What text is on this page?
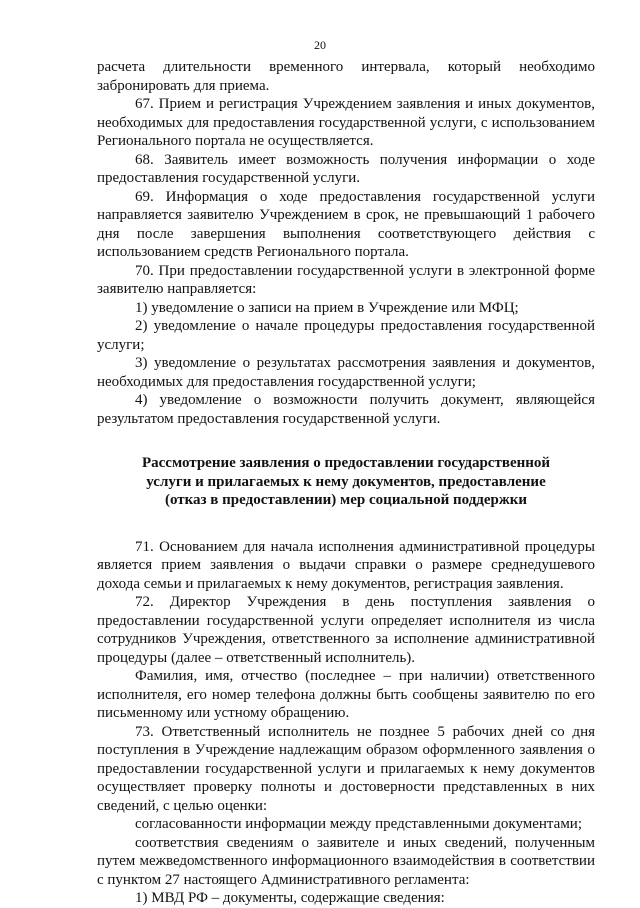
20

расчета длительности временного интервала, который необходимо забронировать для приема.

67. Прием и регистрация Учреждением заявления и иных документов, необходимых для предоставления государственной услуги, с использованием Регионального портала не осуществляется.

68. Заявитель имеет возможность получения информации о ходе предоставления государственной услуги.

69. Информация о ходе предоставления государственной услуги направляется заявителю Учреждением в срок, не превышающий 1 рабочего дня после завершения выполнения соответствующего действия с использованием средств Регионального портала.

70. При предоставлении государственной услуги в электронной форме заявителю направляется:

1) уведомление о записи на прием в Учреждение или МФЦ;

2) уведомление о начале процедуры предоставления государственной услуги;

3) уведомление о результатах рассмотрения заявления и документов, необходимых для предоставления государственной услуги;

4) уведомление о возможности получить документ, являющейся результатом предоставления государственной услуги.

Рассмотрение заявления о предоставлении государственной
услуги и прилагаемых к нему документов, предоставление
(отказ в предоставлении) мер социальной поддержки

71. Основанием для начала исполнения административной процедуры является прием заявления о выдачи справки о размере среднедушевого дохода семьи и прилагаемых к нему документов, регистрация заявления.

72. Директор Учреждения в день поступления заявления о предоставлении государственной услуги определяет исполнителя из числа сотрудников Учреждения, ответственного за исполнение административной процедуры (далее – ответственный исполнитель).

Фамилия, имя, отчество (последнее – при наличии) ответственного исполнителя, его номер телефона должны быть сообщены заявителю по его письменному или устному обращению.

73. Ответственный исполнитель не позднее 5 рабочих дней со дня поступления в Учреждение надлежащим образом оформленного заявления о предоставлении государственной услуги и прилагаемых к нему документов осуществляет проверку полноты и достоверности представленных в них сведений, с целью оценки:

согласованности информации между представленными документами;

соответствия сведениям о заявителе и иных сведений, полученным путем межведомственного информационного взаимодействия в соответствии с пунктом 27 настоящего Административного регламента:

1) МВД РФ – документы, содержащие сведения:
